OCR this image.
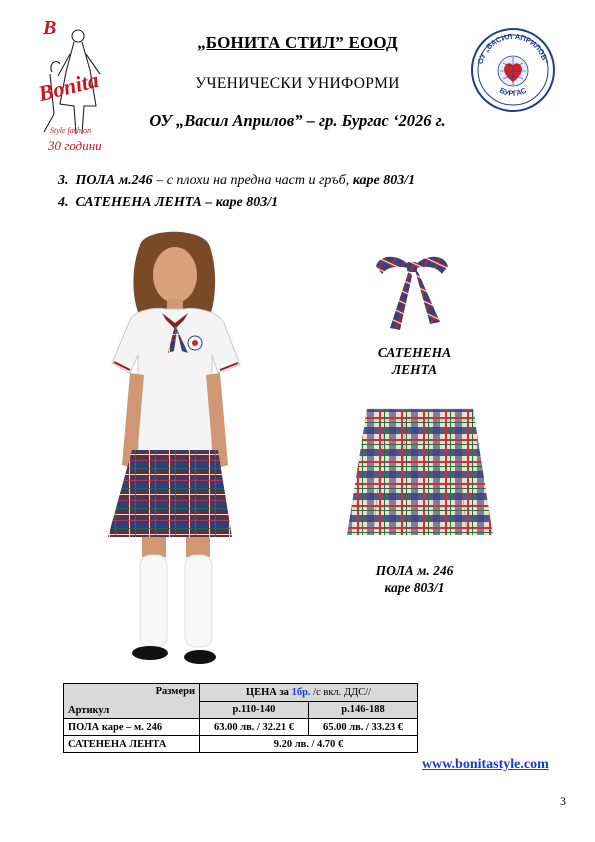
B
Bonita
Style fashion
30 години
„БОНИТА СТИЛ” ЕООД
УЧЕНИЧЕСКИ УНИФОРМИ
ОУ „Васил Априлов” – гр. Бургас ‘2026 г.
ОУ „ВАСИЛ АПРИЛОВ”
БУРГАС
3. ПОЛА м.246 – с плохи на предна част и гръб, каре 803/1
4. САТЕНЕНА ЛЕНТА – каре 803/1
САТЕНЕНА
ЛЕНТА
ПОЛА м. 246
каре 803/1
Размери
Артикул	ЦЕНА за 1бр. /с вкл. ДДС//	
	р.110-140	р.146-188
ПОЛА каре – м. 246	63.00 лв. / 32.21 €	65.00 лв. / 33.23 €
САТЕНЕНА ЛЕНТА	9.20 лв. / 4.70 €	
www.bonitastyle.com
3
